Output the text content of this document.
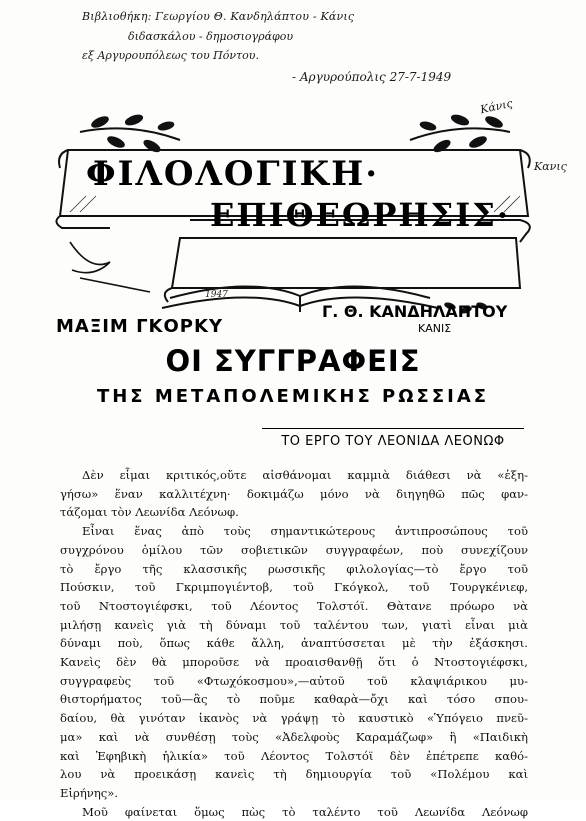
Βιβλιοθήκη: Γεωργίου Θ. Κανδηλάπτου - Κάνις
διδασκάλου - δημοσιογράφου
εξ Αργυρουπόλεως του Πόντου.
- Αργυρούπολις 27-7-1949
Κάνις
Κανις
ΦΙΛΟΛΟΓΙΚΗ·
ΕΠΙΘΕΩΡΗΣΙΣ·
1947
Γ. Θ. ΚΑΝΔΗΛΑΠΤΟΥ
ΚΑΝΙΣ
ΜΑΞΙΜ ΓΚΟΡΚΥ
ΟΙ ΣΥΓΓΡΑΦΕΙΣ
ΤΗΣ ΜΕΤΑΠΟΛΕΜΙΚΗΣ ΡΩΣΣΙΑΣ
ΤΟ ΕΡΓΟ ΤΟΥ ΛΕΟΝΙΔΑ ΛΕΟΝΩΦ
Δὲν εἶμαι κριτικός,οὔτε αἰσθάνομαι καμμιὰ διάθεσι νὰ «ἐξη-
γήσω» ἕναν καλλιτέχνη· δοκιμάζω μόνο νὰ διηγηθῶ πῶς φαν-
τάζομαι τὸν Λεωνίδα Λεόνωφ.
Εἶναι ἕνας ἀπὸ τοὺς σημαντικώτερους ἀντιπροσώπους τοῦ
συγχρόνου ὁμίλου τῶν σοβιετικῶν συγγραφέων, ποὺ συνεχίζουν
τὸ ἔργο τῆς κλασσικῆς ρωσσικῆς φιλολογίας—τὸ ἔργο τοῦ
Πούσκιν, τοῦ Γκριμπογιέντοβ, τοῦ Γκόγκολ, τοῦ Τουργκένιεφ,
τοῦ Ντοστογιέφσκι, τοῦ Λέοντος Τολστόϊ. Θὰτανε πρόωρο νὰ
μιλήσῃ κανεὶς γιὰ τὴ δύναμι τοῦ ταλέντου των, γιατὶ εἶναι μιὰ
δύναμι ποὺ, ὅπως κάθε ἄλλη, ἀναπτύσσεται μὲ τὴν ἐξάσκησι.
Κανεὶς δὲν θὰ μποροῦσε νὰ προαισθανθῇ ὅτι ὁ Ντοστογιέφσκι,
συγγραφεὺς τοῦ «Φτωχόκοσμου»,—αὐτοῦ τοῦ κλαψιάρικου μυ-
θιστορήματος τοῦ—ἂς τὸ ποῦμε καθαρὰ—ὄχι καὶ τόσο σπου-
δαίου, θὰ γινόταν ἱκανὸς νὰ γράψῃ τὸ καυστικὸ «Ὑπόγειο πνεῦ-
μα» καὶ νὰ συνθέσῃ τοὺς «Ἀδελφοὺς Καραμάζωφ» ἢ «Παιδικὴ
καὶ Ἐφηβικὴ ἡλικία» τοῦ Λέοντος Τολστόϊ δὲν ἐπέτρεπε καθό-
λου νὰ προεικάσῃ κανεὶς τὴ δημιουργία τοῦ «Πολέμου καὶ
Εἰρήνης».
Μοῦ φαίνεται ὅμως πὼς τὸ ταλέντο τοῦ Λεωνίδα Λεόνωφ
